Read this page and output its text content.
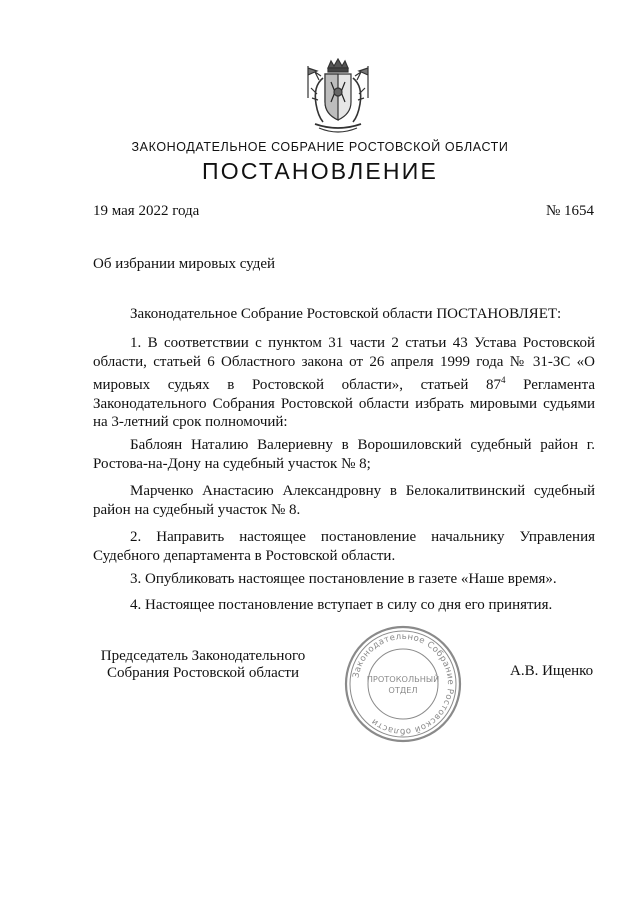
ЗАКОНОДАТЕЛЬНОЕ СОБРАНИЕ РОСТОВСКОЙ ОБЛАСТИ
ПОСТАНОВЛЕНИЕ
19 мая 2022 года	№ 1654
Об избрании мировых судей

Законодательное Собрание Ростовской области ПОСТАНОВЛЯЕТ:

1. В соответствии с пунктом 31 части 2 статьи 43 Устава Ростовской области, статьей 6 Областного закона от 26 апреля 1999 года № 31-ЗС «О мировых судьях в Ростовской области», статьей $87^4$ Регламента Законодательного Собрания Ростовской области избрать мировыми судьями на 3-летний срок полномочий:

Баблоян Наталию Валериевну в Ворошиловский судебный район г. Ростова-на-Дону на судебный участок № 8;

Марченко Анастасию Александровну в Белокалитвинский судебный район на судебный участок № 8.

2. Направить настоящее постановление начальнику Управления Судебного департамента в Ростовской области.

3. Опубликовать настоящее постановление в газете «Наше время».

4. Настоящее постановление вступает в силу со дня его принятия.

Председатель Законодательного
Собрания Ростовской области	Законодательное Собрание Ростовской области
ПРОТОКОЛЬНЫЙ
ОТДЕЛ
А.В. Ищенко
